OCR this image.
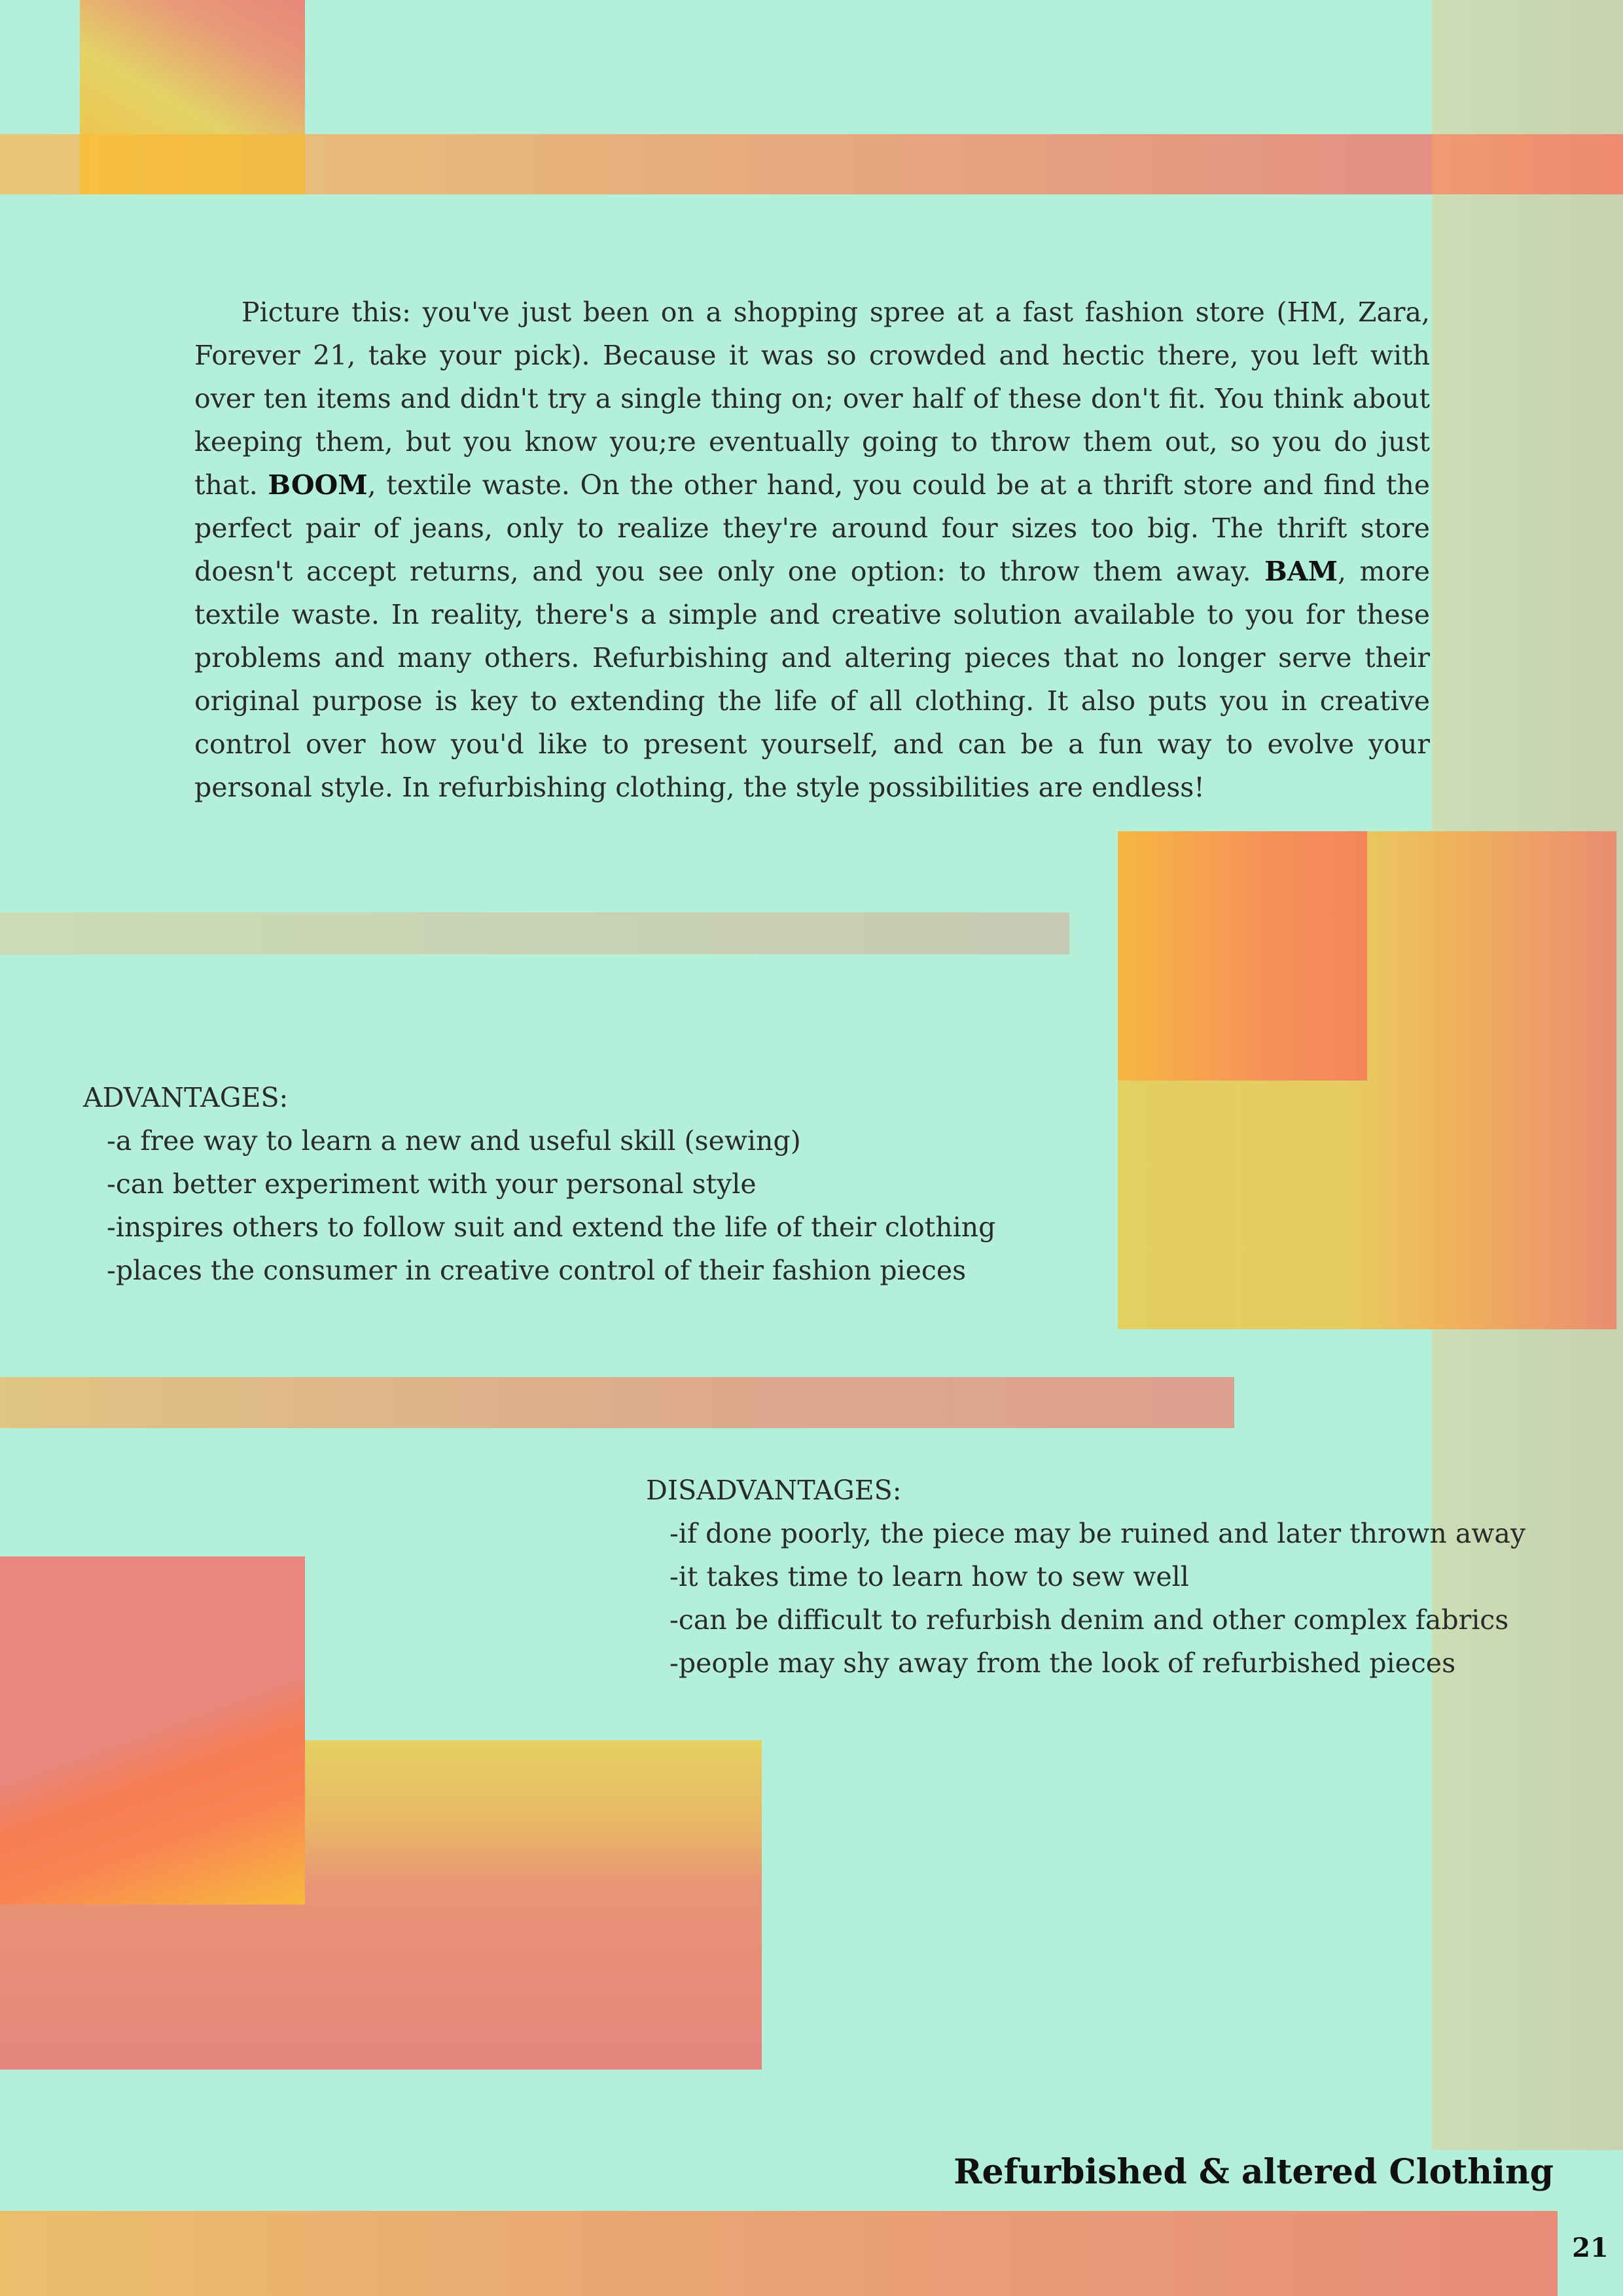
Picture this: you've just been on a shopping spree at a fast fashion store (HM, Zara, Forever 21, take your pick). Because it was so crowded and hectic there, you left with over ten items and didn't try a single thing on; over half of these don't fit. You think about keeping them, but you know you;re eventually going to throw them out, so you do just that. BOOM, textile waste. On the other hand, you could be at a thrift store and find the perfect pair of jeans, only to realize they're around four sizes too big. The thrift store doesn't accept returns, and you see only one option: to throw them away. BAM, more textile waste. In reality, there's a simple and creative solution available to you for these problems and many others. Refurbishing and altering pieces that no longer serve their original purpose is key to extending the life of all clothing. It also puts you in creative control over how you'd like to present yourself, and can be a fun way to evolve your personal style. In refurbishing clothing, the style possibilities are endless!

ADVANTAGES:
-a free way to learn a new and useful skill (sewing)
-can better experiment with your personal style
-inspires others to follow suit and extend the life of their clothing
-places the consumer in creative control of their fashion pieces
DISADVANTAGES:
-if done poorly, the piece may be ruined and later thrown away
-it takes time to learn how to sew well
-can be difficult to refurbish denim and other complex fabrics
-people may shy away from the look of refurbished pieces
Refurbished & altered Clothing
21
